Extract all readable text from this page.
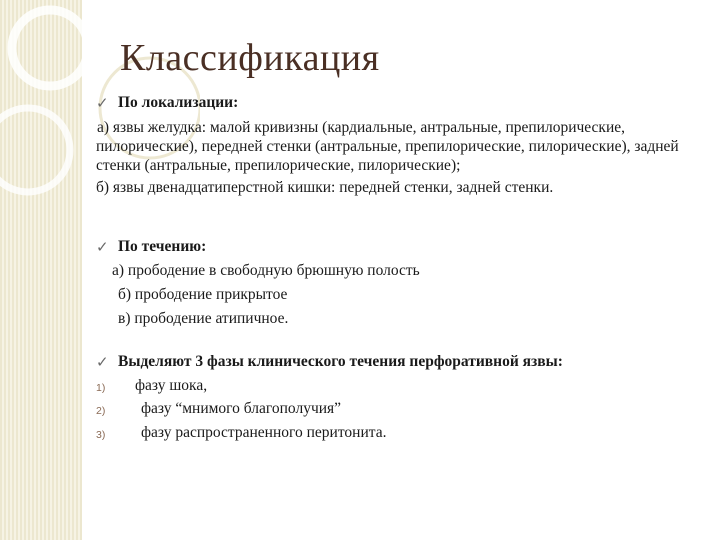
Классификация
✓ По локализации:

а) язвы желудка: малой кривизны (кардиальные, антральные, препилорические, пилорические), передней стенки (антральные, препилорические, пилорические), задней стенки (антральные, препилорические, пилорические);

б) язвы двенадцатиперстной кишки: передней стенки, задней стенки.

✓ По течению:
а) прободение в свободную брюшную полость
б) прободение прикрытое
в) прободение атипичное.
✓ Выделяют 3 фазы клинического течения перфоративной язвы:
1) фазу шока,
2) фазу “мнимого благополучия”
3) фазу распространенного перитонита.
